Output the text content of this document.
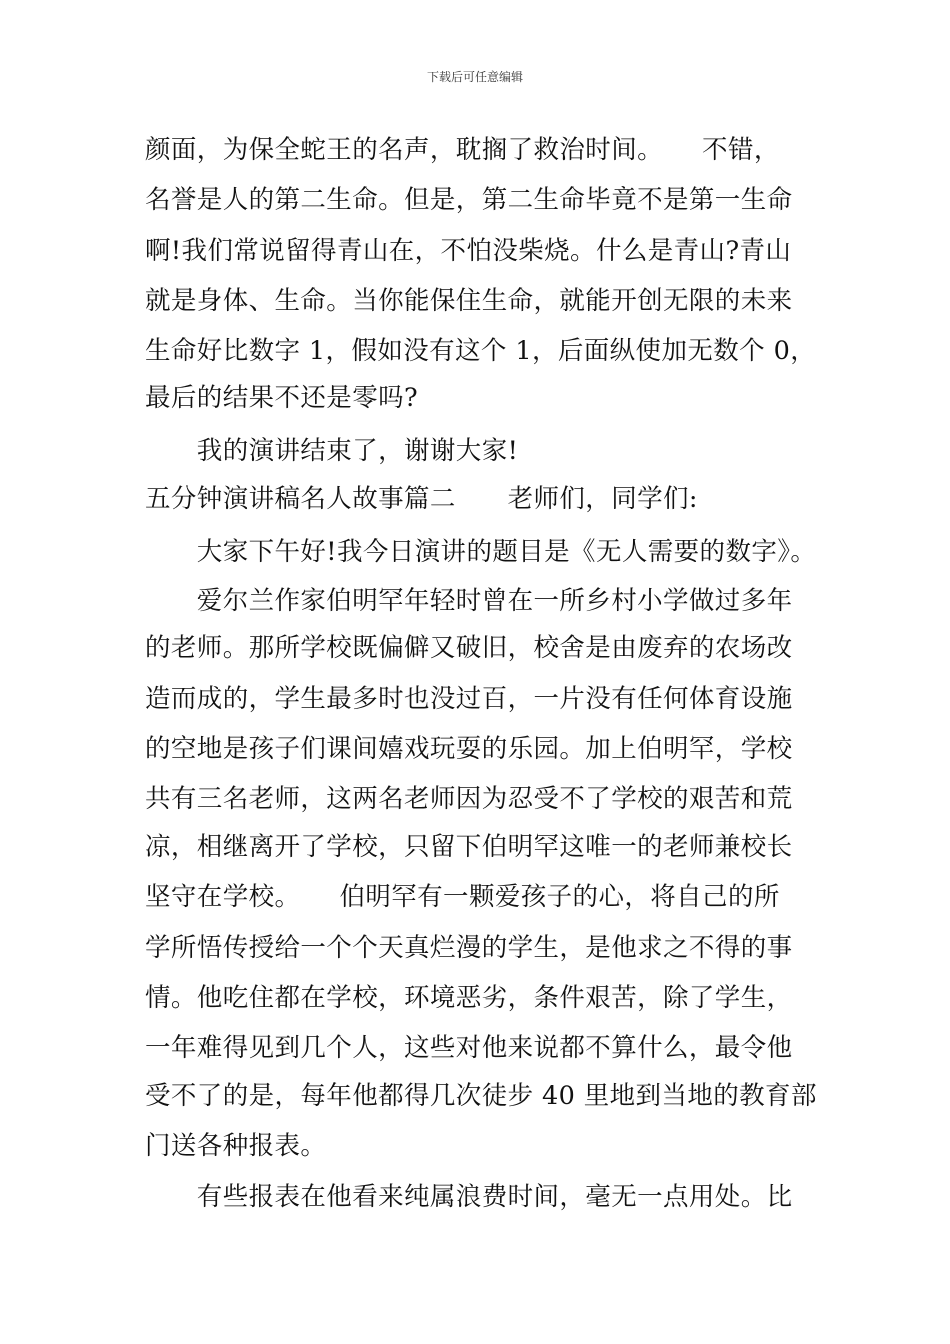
下载后可任意编辑
颜面，为保全蛇王的名声，耽搁了救治时间。　　不错，
名誉是人的第二生命。但是，第二生命毕竟不是第一生命
啊!我们常说留得青山在，不怕没柴烧。什么是青山?青山
就是身体、生命。当你能保住生命，就能开创无限的未来
生命好比数字 1，假如没有这个 1，后面纵使加无数个 0，
最后的结果不还是零吗?
　　我的演讲结束了，谢谢大家!
五分钟演讲稿名人故事篇二　　老师们，同学们:
　　大家下午好!我今日演讲的题目是《无人需要的数字》。
　　爱尔兰作家伯明罕年轻时曾在一所乡村小学做过多年
的老师。那所学校既偏僻又破旧，校舍是由废弃的农场改
造而成的，学生最多时也没过百，一片没有任何体育设施
的空地是孩子们课间嬉戏玩耍的乐园。加上伯明罕，学校
共有三名老师，这两名老师因为忍受不了学校的艰苦和荒
凉，相继离开了学校，只留下伯明罕这唯一的老师兼校长
坚守在学校。　　伯明罕有一颗爱孩子的心，将自己的所
学所悟传授给一个个天真烂漫的学生，是他求之不得的事
情。他吃住都在学校，环境恶劣，条件艰苦，除了学生，
一年难得见到几个人，这些对他来说都不算什么，最令他
受不了的是，每年他都得几次徒步 40 里地到当地的教育部
门送各种报表。
　　有些报表在他看来纯属浪费时间，毫无一点用处。比
